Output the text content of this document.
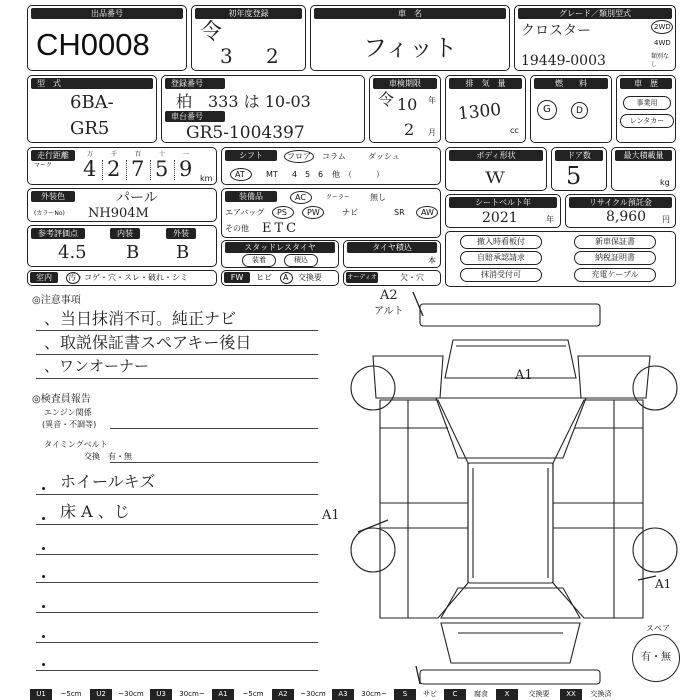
出品番号
CH0008
初年度登録
令
3 2
車　名
フィット
グレード／類別型式
クロスター
19449-0003
2WD
4WD
類別なし
型　式
6BA-
GR5
登録番号
柏　333 は 10-03
車台番号
GR5-1004397
車検期限
令 10 年
2 月
排　気　量
1300
cc
燃　　料
G	D
車　歴
事業用
レンタカー
走行距離
マーク
km
万
4
千
2
百
7
十
5
一
9
シフト	フロア コラム	ダッシュ
AT	MT 4 5 6 他 （　　　）
ボディ形状
ｗ
ドア数
5
最大積載量
kg
外装色	パール
(カラーNo) NH904M
装備品	AC	クーラー 無し
エアバッグ PS	PW	ナビ	SR AW
その他 ETC
シートベルト年
2021	年
リサイクル預託金
8,960 円
参考評価点	内装	外装
4.5 B B	スタッドレスタイヤ
装着	積込
タイヤ積込
本
撤入時看板付	新車保証書
自賠承認請求	納税証明書
抹消受付可	充電ケーブル
室内	汚・コゲ・穴・スレ・破れ・シミ	FW	ヒビ A 交換要	オーディオ	欠・穴
◎注意事項
、当日抹消不可。純正ナビ
、取説保証書スペアキー後日
、ワンオーナー
◎検査員報告
エンジン関係
(異音・不調等)
タイミングベルト
交換　有・無
ホイールキズ
床 A 、じ
A2
アルト
A1
A1
A1
スペア
有・無
U1	~5cm	U2	~30cm	U3	30cm~	A1	~5cm	A2	~30cm	A3	30cm~	S	サビ	C	腐食	X	交換要	XX	交換済
